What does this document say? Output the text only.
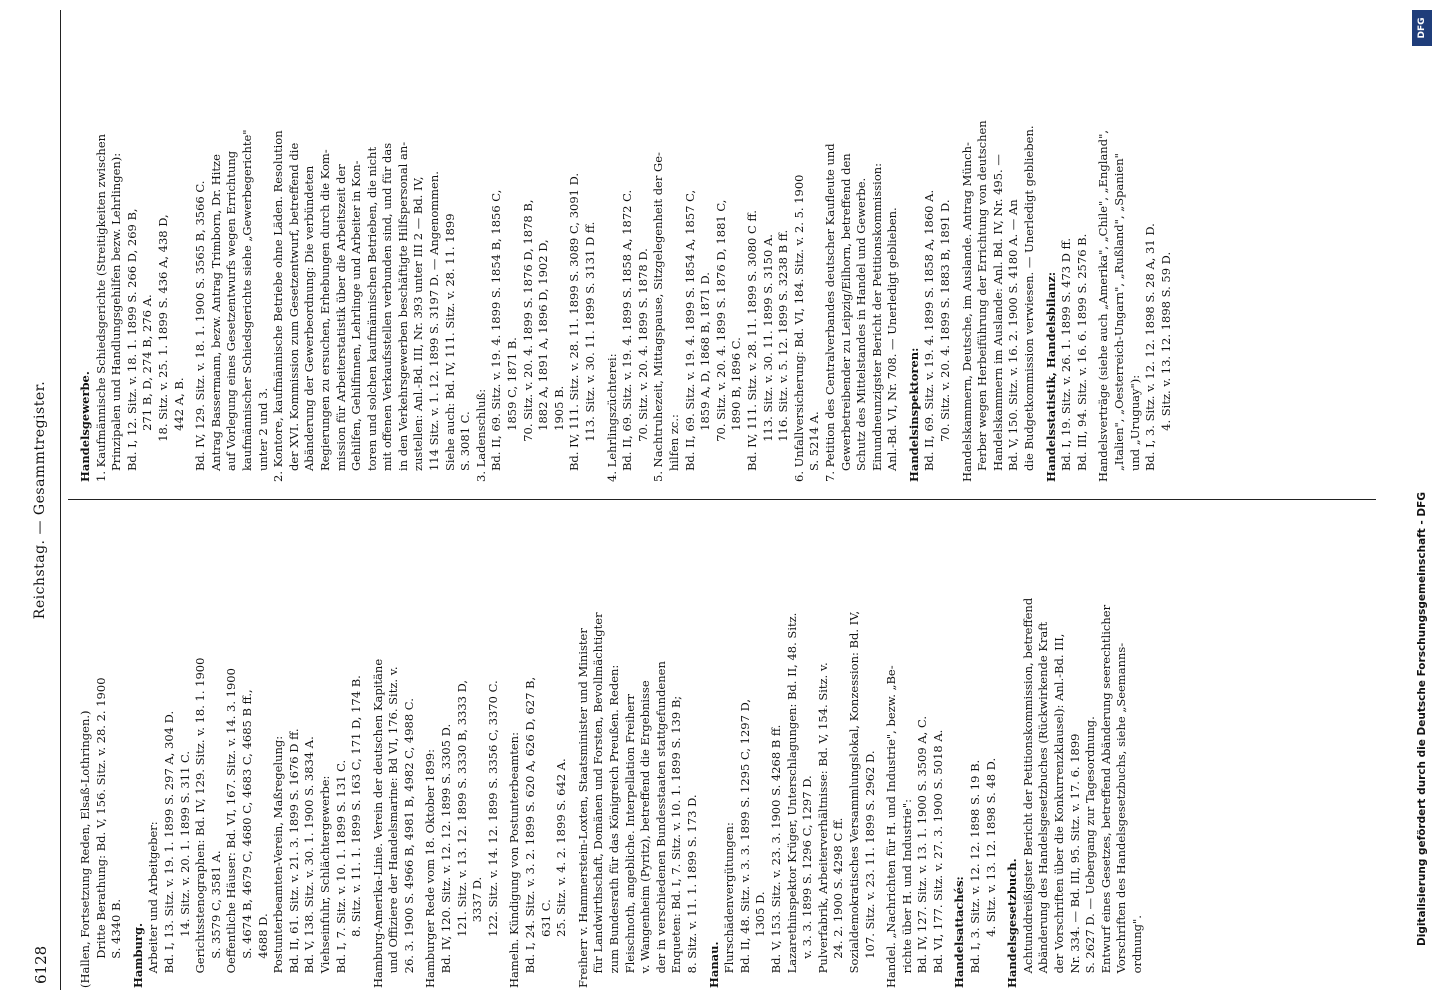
6128
Reichstag. — Gesammtregister.
(Hallen, Fortsetzung Reden, Elsaß-Lothringen.) Dritte Berathung: Bd. V, 156. Sitz. v. 28. 2. 1900 S. 4340 B. Hamburg. Arbeiter und Arbeitgeber: Bd. I, 13. Sitz. v. 19. 1. 1899 S. 297 A, 304 D. 14. Sitz. v. 20. 1. 1899 S. 311 C. Gerichtsstenographen: Bd. IV, 129. Sitz. v. 18. 1. 1900 S. 3579 C, 3581 A. Oeffentliche Häuser: Bd. VI, 167. Sitz. v. 14. 3. 1900 S. 4674 B, 4679 C, 4680 C, 4683 C, 4685 B ff., 4688 D. Postunterbeamten-Verein, Maßregelung: Bd. II, 61. Sitz. v. 21. 3. 1899 S. 1676 D ff. Bd. V, 138. Sitz. v. 30. 1. 1900 S. 3834 A. Viehseinfuhr, Schlächtergewerbe: Bd. I, 7. Sitz. v. 10. 1. 1899 S. 131 C. 8. Sitz. v. 11. 1. 1899 S. 163 C, 171 D, 174 B. Hamburg-Amerika-Linie. Verein der deutschen Kapitäne und Offiziere der Handelsmarine: Bd VI, 176. Sitz. v. 26. 3. 1900 S. 4966 B, 4981 B, 4982 C, 4988 C. Hamburger Rede vom 18. Oktober 1899: Bd. IV, 120. Sitz. v. 12. 12. 1899 S. 3305 D. 121. Sitz. v. 13. 12. 1899 S. 3330 B, 3333 D, 3337 D. 122. Sitz. v. 14. 12. 1899 S. 3356 C, 3370 C. Hameln. Kündigung von Postunterbeamten: Bd. I, 24. Sitz. v. 3. 2. 1899 S. 620 A, 626 D, 627 B, 631 C. 25. Sitz. v. 4. 2. 1899 S. 642 A. Freiherr v. Hammerstein-Loxten, Staatsminister und Minister für Landwirthschaft, Domänen und Forsten, Bevollmächtigter zum Bundesrath für das Königreich Preußen. Reden: Fleischnoth, angebliche. Interpellation Freiherr v. Wangenheim (Pyritz), betreffend die Ergebnisse der in verschiedenen Bundesstaaten stattgefundenen Enqueten: Bd. I, 7. Sitz. v. 10. 1. 1899 S. 139 B; 8. Sitz. v. 11. 1. 1899 S. 173 D. Hanau. Flurschädenvergütungen: Bd. II, 48. Sitz. v. 3. 3. 1899 S. 1295 C, 1297 D, 1305 D. Bd. V, 153. Sitz. v. 23. 3. 1900 S. 4268 B ff. Lazarethinspektor Krüger, Unterschlagungen: Bd. II, 48. Sitz. v. 3. 3. 1899 S. 1296 C, 1297 D. Pulverfabrik, Arbeiterverhältnisse: Bd. V, 154. Sitz. v. 24. 2. 1900 S. 4298 C ff. Sozialdemokratisches Versammlungslokal, Konzession: Bd. IV, 107. Sitz. v. 23. 11. 1899 S. 2962 D. Handel. „Nachrichten für H. und Industrie", bezw. „Be- richte über H. und Industrie": Bd. IV, 127. Sitz. v. 13. 1. 1900 S. 3509 A, C. Bd. VI, 177. Sitz. v. 27. 3. 1900 S. 5018 A. Handelsattachés: Bd. I, 3. Sitz. v. 12. 12. 1898 S. 19 B. 4. Sitz. v. 13. 12. 1898 S. 48 D. Handelsgesetzbuch. Achtunddreißigster Bericht der Petitionskommission, betreffend Abänderung des Handelsgesetzbuches (Rückwirkende Kraft der Vorschriften über die Konkurrenzklausel): Anl.-Bd. III, Nr. 334. — Bd. III, 95. Sitz. v. 17. 6. 1899 S. 2627 D. — Uebergang zur Tagesordnung. Entwurf eines Gesetzes, betreffend Abänderung seerechtlicher Vorschriften des Handelsgesetzbuchs, siehe „Seemanns- ordnung".
Handelsgewerbe. 1. Kaufmännische Schiedsgerichte (Streitigkeiten zwischen Prinzipalen und Handlungsgehilfen bezw. Lehrlingen): Bd. I, 12. Sitz. v. 18. 1. 1899 S. 266 D, 269 B, 271 B, D, 274 B, 276 A. 18. Sitz. v. 25. 1. 1899 S. 436 A, 438 D, 442 A, B. Bd. IV, 129. Sitz. v. 18. 1. 1900 S. 3565 B, 3566 C. Antrag Bassermann, bezw. Antrag Trimborn, Dr. Hitze auf Vorlegung eines Gesetzentwurfs wegen Errichtung kaufmännischer Schiedsgerichte siehe „Gewerbegerichte" unter 2 und 3. 2. Kontore, kaufmännische Betriebe ohne Läden. Resolution der XVI. Kommission zum Gesetzentwurf, betreffend die Abänderung der Gewerbeordnung: Die verbündeten Regierungen zu ersuchen, Erhebungen durch die Kom- mission für Arbeiterstatistik über die Arbeitszeit der Gehilfen, Gehilfinnen, Lehrlinge und Arbeiter in Kon- toren und solchen kaufmännischen Betrieben, die nicht mit offenen Verkaufsstellen verbunden sind, und für das in den Verkehrsgewerben beschäftigte Hilfspersonal an- zustellen: Anl.-Bd. III, Nr. 393 unter III 2 — Bd. IV, 114 Sitz. v. 1. 12. 1899 S. 3197 D. — Angenommen. Siehe auch: Bd. IV, 111. Sitz. v. 28. 11. 1899 S. 3081 C. 3. Ladenschluß: Bd. II, 69. Sitz. v. 19. 4. 1899 S. 1854 B, 1856 C, 1859 C, 1871 B. 70. Sitz. v. 20. 4. 1899 S. 1876 D, 1878 B, 1882 A, 1891 A, 1896 D, 1902 D, 1905 B. Bd. IV, 111. Sitz. v. 28. 11. 1899 S. 3089 C, 3091 D. 113. Sitz. v. 30. 11. 1899 S. 3131 D ff. 4. Lehrlingszüchterei: Bd. II, 69. Sitz. v. 19. 4. 1899 S. 1858 A, 1872 C. 70. Sitz. v. 20. 4. 1899 S. 1878 D. 5. Nachtruhezeit, Mittagspause, Sitzgelegenheit der Ge- hilfen zc.: Bd. II, 69. Sitz. v. 19. 4. 1899 S. 1854 A, 1857 C, 1859 A, D, 1868 B, 1871 D. 70. Sitz. v. 20. 4. 1899 S. 1876 D, 1881 C, 1890 B, 1896 C. Bd. IV, 111. Sitz. v. 28. 11. 1899 S. 3080 C ff. 113. Sitz. v. 30. 11. 1899 S. 3150 A. 116. Sitz. v. 5. 12. 1899 S. 3238 B ff. 6. Unfallversicherung: Bd. VI, 184. Sitz. v. 2. 5. 1900 S. 5214 A. 7. Petition des Centralverbandes deutscher Kaufleute und Gewerbetreibender zu Leipzig/Eilhorn, betreffend den Schutz des Mittelstandes in Handel und Gewerbe. Einundneunzigster Bericht der Petitionskommission: Anl.-Bd. VI, Nr. 708. — Unerledigt geblieben. Handelsinspektoren: Bd. II, 69. Sitz. v. 19. 4. 1899 S. 1858 A, 1860 A. 70. Sitz. v. 20. 4. 1899 S. 1883 B, 1891 D. Handelskammern, Deutsche, im Auslande. Antrag Münch- Ferber wegen Herbeiführung der Errichtung von deutschen Handelskammern im Auslande: Anl. Bd. IV, Nr. 495. — Bd. V, 150. Sitz. v. 16. 2. 1900 S. 4180 A. — An die Budgetkommission verwiesen. — Unerledigt geblieben. Handelsstatistik, Handelsbilanz: Bd. I, 19. Sitz. v. 26. 1. 1899 S. 473 D ff. Bd. III, 94. Sitz. v. 16. 6. 1899 S. 2576 B. Handelsverträge (siehe auch „Amerika", „Chile", „England", „Italien", „Oesterreich-Ungarn", „Rußland", „Spanien" und „Uruguay"): Bd. I, 3. Sitz. v. 12. 12. 1898 S. 28 A, 31 D. 4. Sitz. v. 13. 12. 1898 S. 59 D.
Digitalisierung gefördert durch die Deutsche Forschungsgemeinschaft - DFG
DFG
